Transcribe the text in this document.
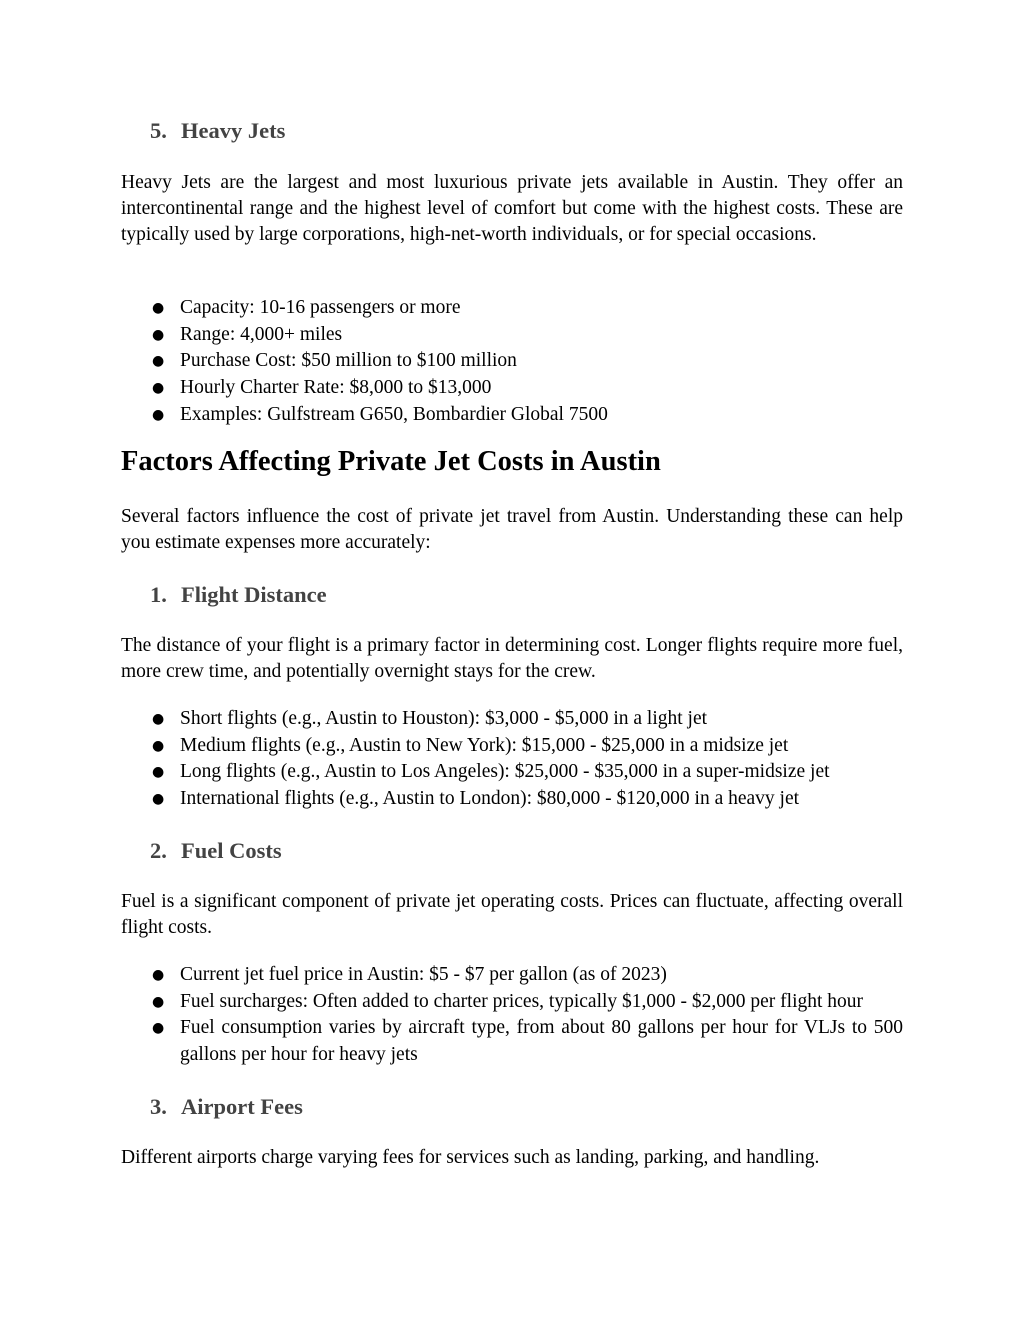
5. Heavy Jets

Heavy Jets are the largest and most luxurious private jets available in Austin. They offer an intercontinental range and the highest level of comfort but come with the highest costs. These are typically used by large corporations, high-net-worth individuals, or for special occasions.

● Capacity: 10-16 passengers or more
● Range: 4,000+ miles
● Purchase Cost: $50 million to $100 million
● Hourly Charter Rate: $8,000 to $13,000
● Examples: Gulfstream G650, Bombardier Global 7500
Factors Affecting Private Jet Costs in Austin

Several factors influence the cost of private jet travel from Austin. Understanding these can help you estimate expenses more accurately:

1. Flight Distance

The distance of your flight is a primary factor in determining cost. Longer flights require more fuel, more crew time, and potentially overnight stays for the crew.

● Short flights (e.g., Austin to Houston): $3,000 - $5,000 in a light jet
● Medium flights (e.g., Austin to New York): $15,000 - $25,000 in a midsize jet
● Long flights (e.g., Austin to Los Angeles): $25,000 - $35,000 in a super-midsize jet
● International flights (e.g., Austin to London): $80,000 - $120,000 in a heavy jet
2. Fuel Costs

Fuel is a significant component of private jet operating costs. Prices can fluctuate, affecting overall flight costs.

● Current jet fuel price in Austin: $5 - $7 per gallon (as of 2023)
● Fuel surcharges: Often added to charter prices, typically $1,000 - $2,000 per flight hour
● Fuel consumption varies by aircraft type, from about 80 gallons per hour for VLJs to 500 gallons per hour for heavy jets
3. Airport Fees

Different airports charge varying fees for services such as landing, parking, and handling.
